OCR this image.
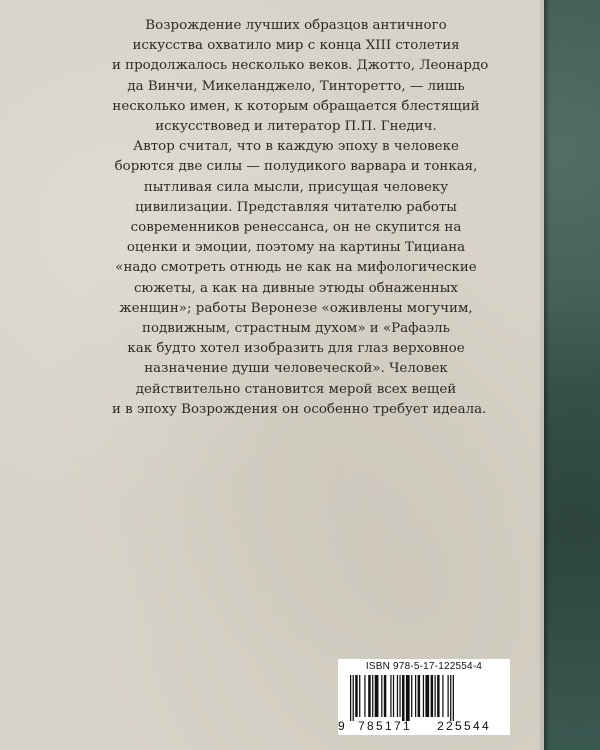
Возрождение лучших образцов античного
искусства охватило мир с конца XIII столетия
и продолжалось несколько веков. Джотто, Леонардо
да Винчи, Микеланджело, Тинторетто, — лишь
несколько имен, к которым обращается блестящий
искусствовед и литератор П.П. Гнедич.
Автор считал, что в каждую эпоху в человеке
борются две силы — полудикого варвара и тонкая,
пытливая сила мысли, присущая человеку
цивилизации. Представляя читателю работы
современников ренессанса, он не скупится на
оценки и эмоции, поэтому на картины Тициана
«надо смотреть отнюдь не как на мифологические
сюжеты, а как на дивные этюды обнаженных
женщин»; работы Веронезе «оживлены могучим,
подвижным, страстным духом» и «Рафаэль
как будто хотел изобразить для глаз верховное
назначение души человеческой». Человек
действительно становится мерой всех вещей
и в эпоху Возрождения он особенно требует идеала.
ISBN 978-5-17-122554-4
9	785171	225544
